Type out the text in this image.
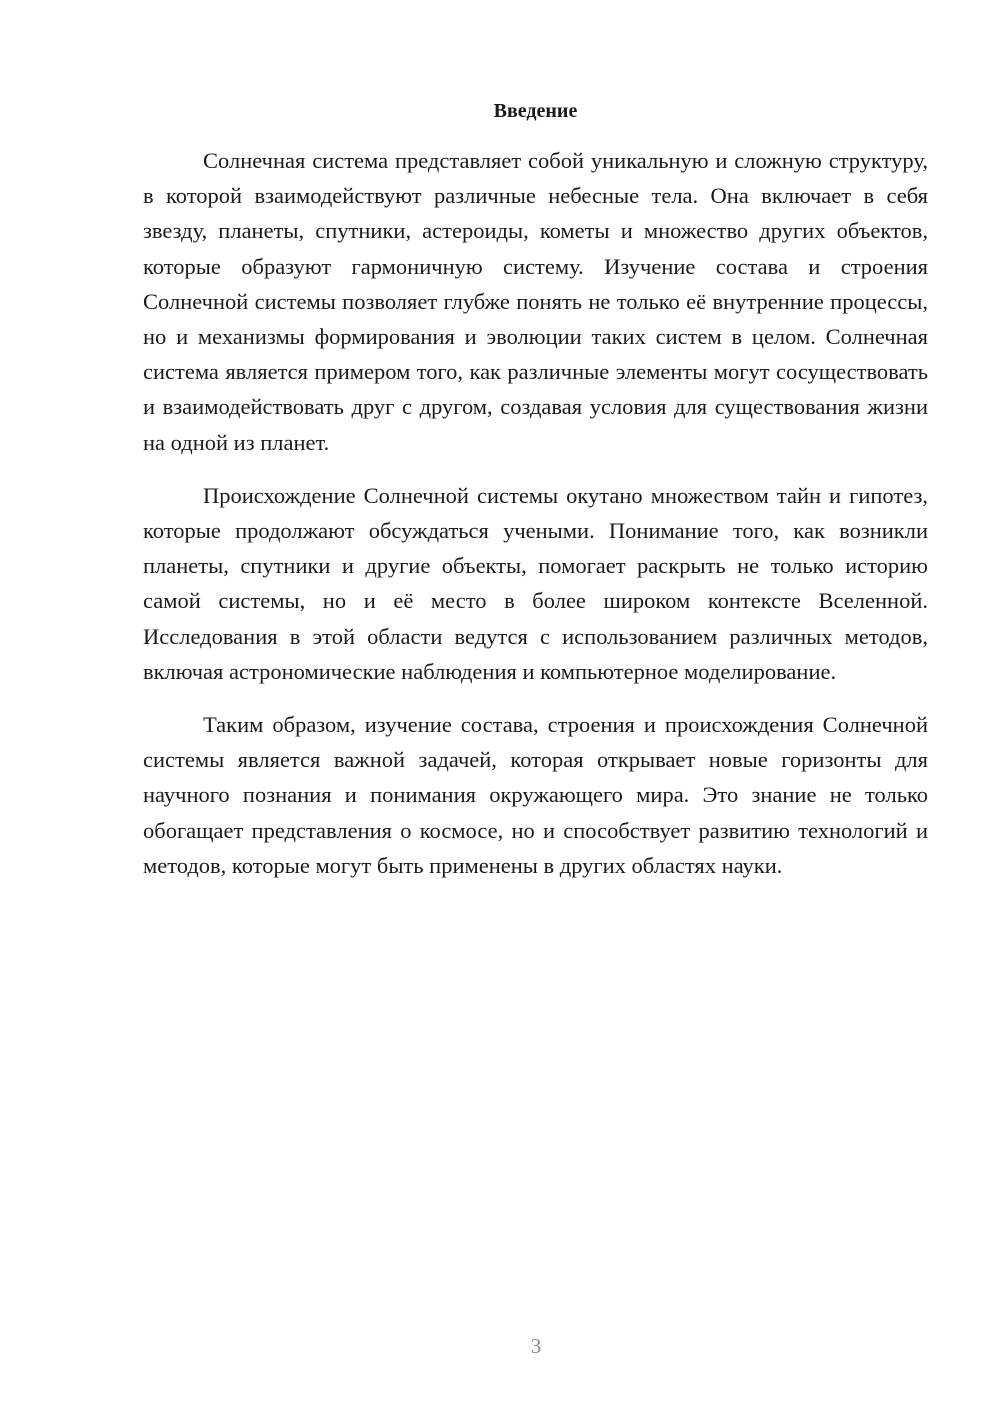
Введение

Солнечная система представляет собой уникальную и сложную структуру, в которой взаимодействуют различные небесные тела. Она включает в себя звезду, планеты, спутники, астероиды, кометы и множество других объектов, которые образуют гармоничную систему. Изучение состава и строения Солнечной системы позволяет глубже понять не только её внутренние процессы, но и механизмы формирования и эволюции таких систем в целом. Солнечная система является примером того, как различные элементы могут сосуществовать и взаимодействовать друг с другом, создавая условия для существования жизни на одной из планет.

Происхождение Солнечной системы окутано множеством тайн и гипотез, которые продолжают обсуждаться учеными. Понимание того, как возникли планеты, спутники и другие объекты, помогает раскрыть не только историю самой системы, но и её место в более широком контексте Вселенной. Исследования в этой области ведутся с использованием различных методов, включая астрономические наблюдения и компьютерное моделирование.

Таким образом, изучение состава, строения и происхождения Солнечной системы является важной задачей, которая открывает новые горизонты для научного познания и понимания окружающего мира. Это знание не только обогащает представления о космосе, но и способствует развитию технологий и методов, которые могут быть применены в других областях науки.

3
